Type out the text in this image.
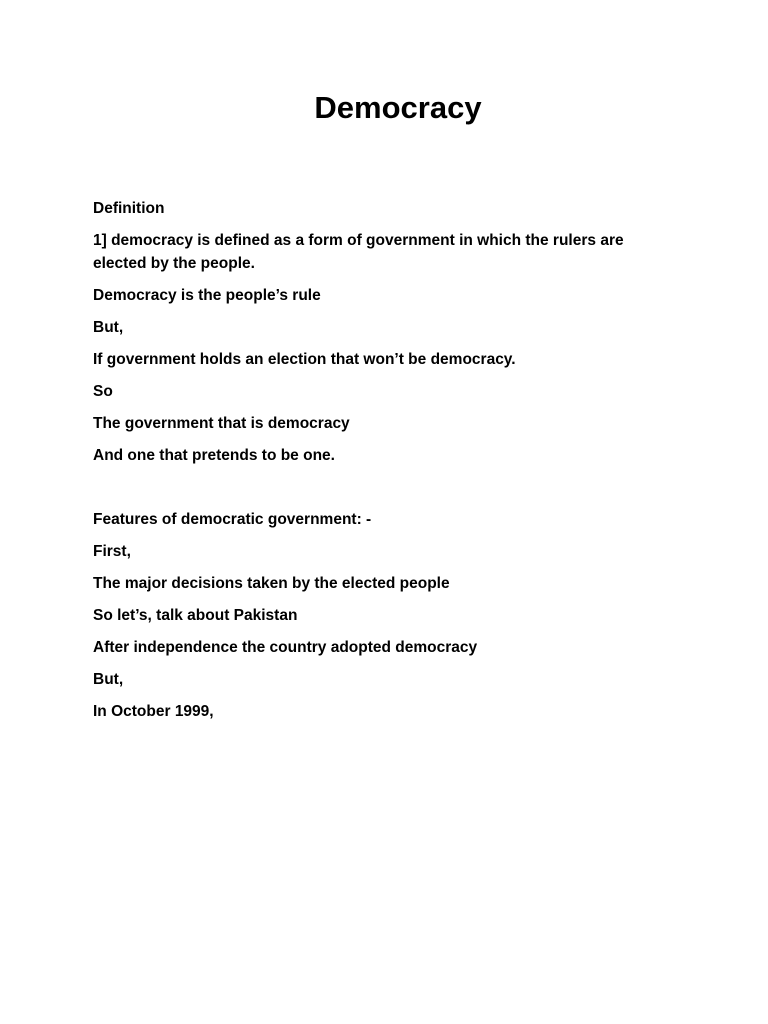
Democracy

Definition

1] democracy is defined as a form of government in which the rulers are elected by the people.

Democracy is the people’s rule

But,

If government holds an election that won’t be democracy.

So

The government that is democracy

And one that pretends to be one.

Features of democratic government: -

First,

The major decisions taken by the elected people

So let’s, talk about Pakistan

After independence the country adopted democracy

But,

In October 1999,
